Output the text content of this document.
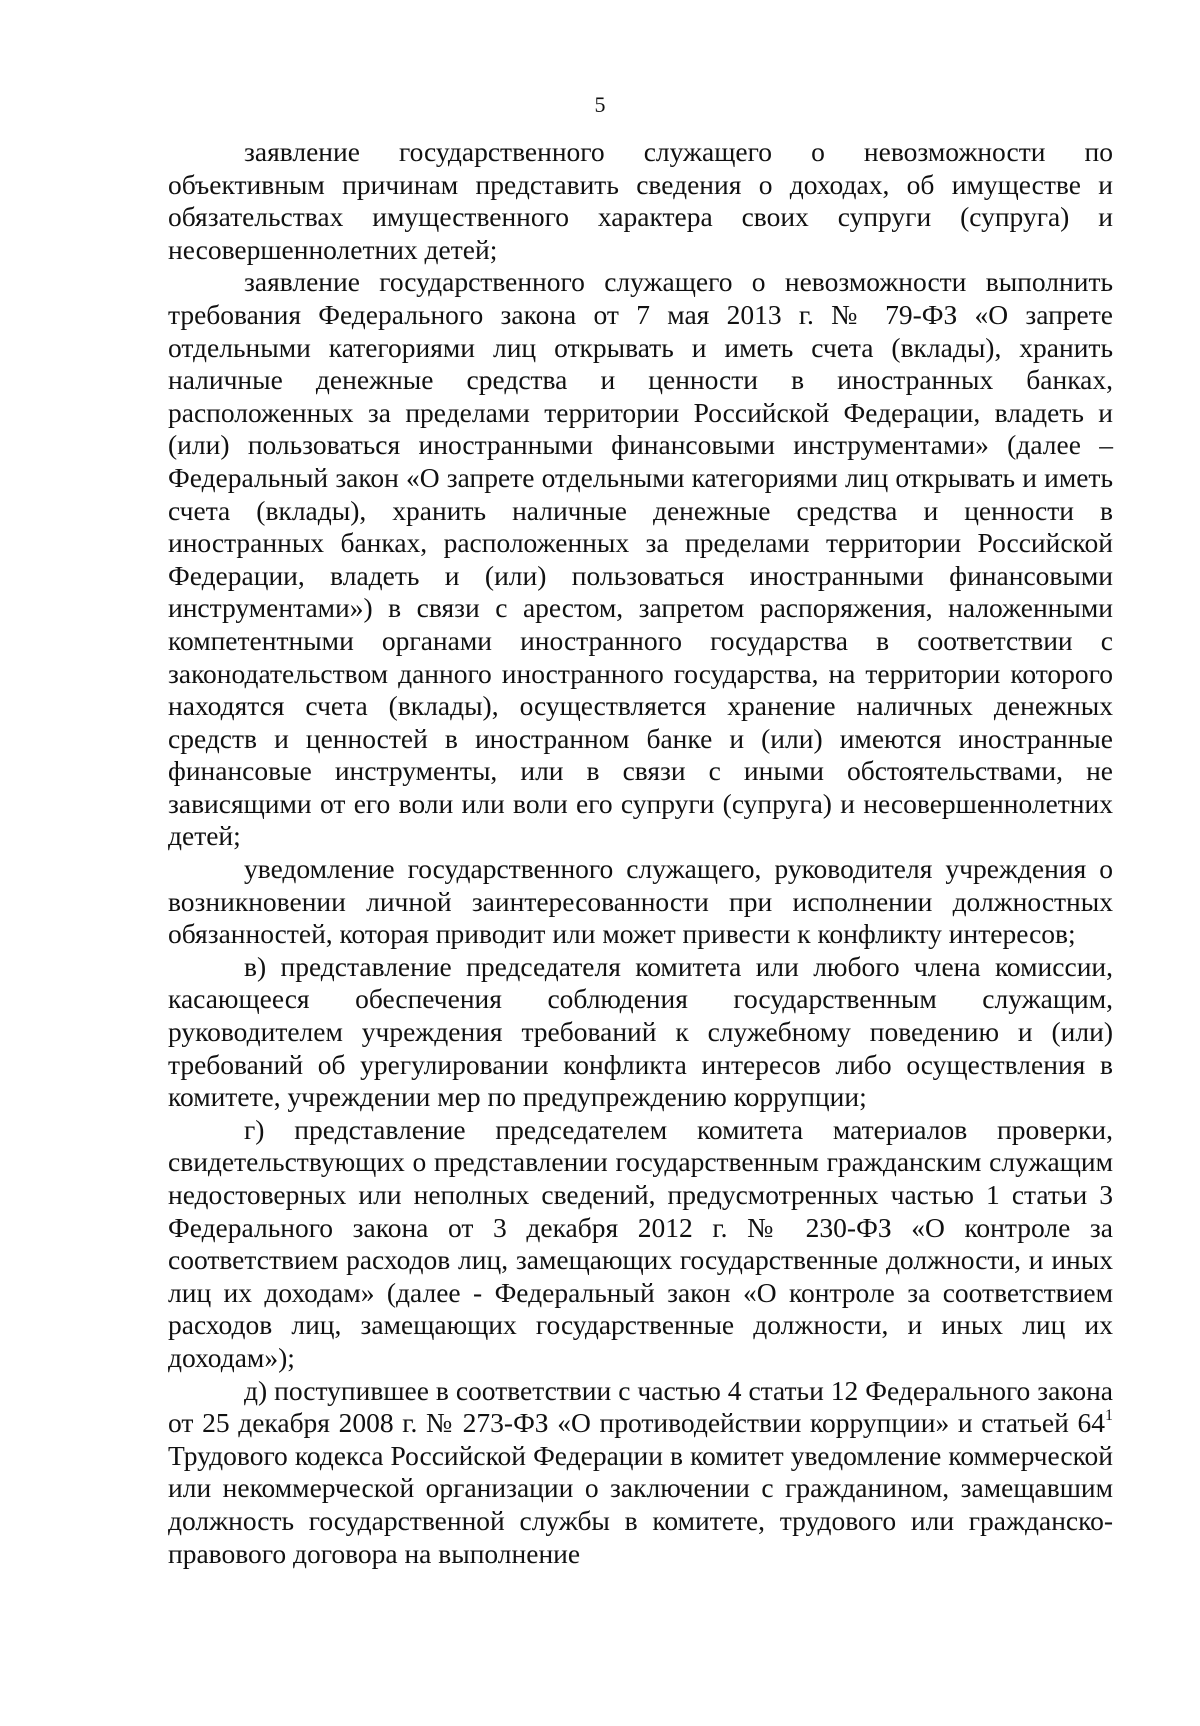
5

заявление государственного служащего о невозможности по объективным причинам представить сведения о доходах, об имуществе и обязательствах имущественного характера своих супруги (супруга) и несовершеннолетних детей;

заявление государственного служащего о невозможности выполнить требования Федерального закона от 7 мая 2013 г. № 79-ФЗ «О запрете отдельными категориями лиц открывать и иметь счета (вклады), хранить наличные денежные средства и ценности в иностранных банках, расположенных за пределами территории Российской Федерации, владеть и (или) пользоваться иностранными финансовыми инструментами» (далее – Федеральный закон «О запрете отдельными категориями лиц открывать и иметь счета (вклады), хранить наличные денежные средства и ценности в иностранных банках, расположенных за пределами территории Российской Федерации, владеть и (или) пользоваться иностранными финансовыми инструментами») в связи с арестом, запретом распоряжения, наложенными компетентными органами иностранного государства в соответствии с законодательством данного иностранного государства, на территории которого находятся счета (вклады), осуществляется хранение наличных денежных средств и ценностей в иностранном банке и (или) имеются иностранные финансовые инструменты, или в связи с иными обстоятельствами, не зависящими от его воли или воли его супруги (супруга) и несовершеннолетних детей;

уведомление государственного служащего, руководителя учреждения о возникновении личной заинтересованности при исполнении должностных обязанностей, которая приводит или может привести к конфликту интересов;

в) представление председателя комитета или любого члена комиссии, касающееся обеспечения соблюдения государственным служащим, руководителем учреждения требований к служебному поведению и (или) требований об урегулировании конфликта интересов либо осуществления в комитете, учреждении мер по предупреждению коррупции;

г) представление председателем комитета материалов проверки, свидетельствующих о представлении государственным гражданским служащим недостоверных или неполных сведений, предусмотренных частью 1 статьи 3 Федерального закона от 3 декабря 2012 г. № 230-ФЗ «О контроле за соответствием расходов лиц, замещающих государственные должности, и иных лиц их доходам» (далее - Федеральный закон «О контроле за соответствием расходов лиц, замещающих государственные должности, и иных лиц их доходам»);

д) поступившее в соответствии с частью 4 статьи 12 Федерального закона от 25 декабря 2008 г. № 273-ФЗ «О противодействии коррупции» и статьей $64^1$ Трудового кодекса Российской Федерации в комитет уведомление коммерческой или некоммерческой организации о заключении с гражданином, замещавшим должность государственной службы в комитете, трудового или гражданско-правового договора на выполнение
